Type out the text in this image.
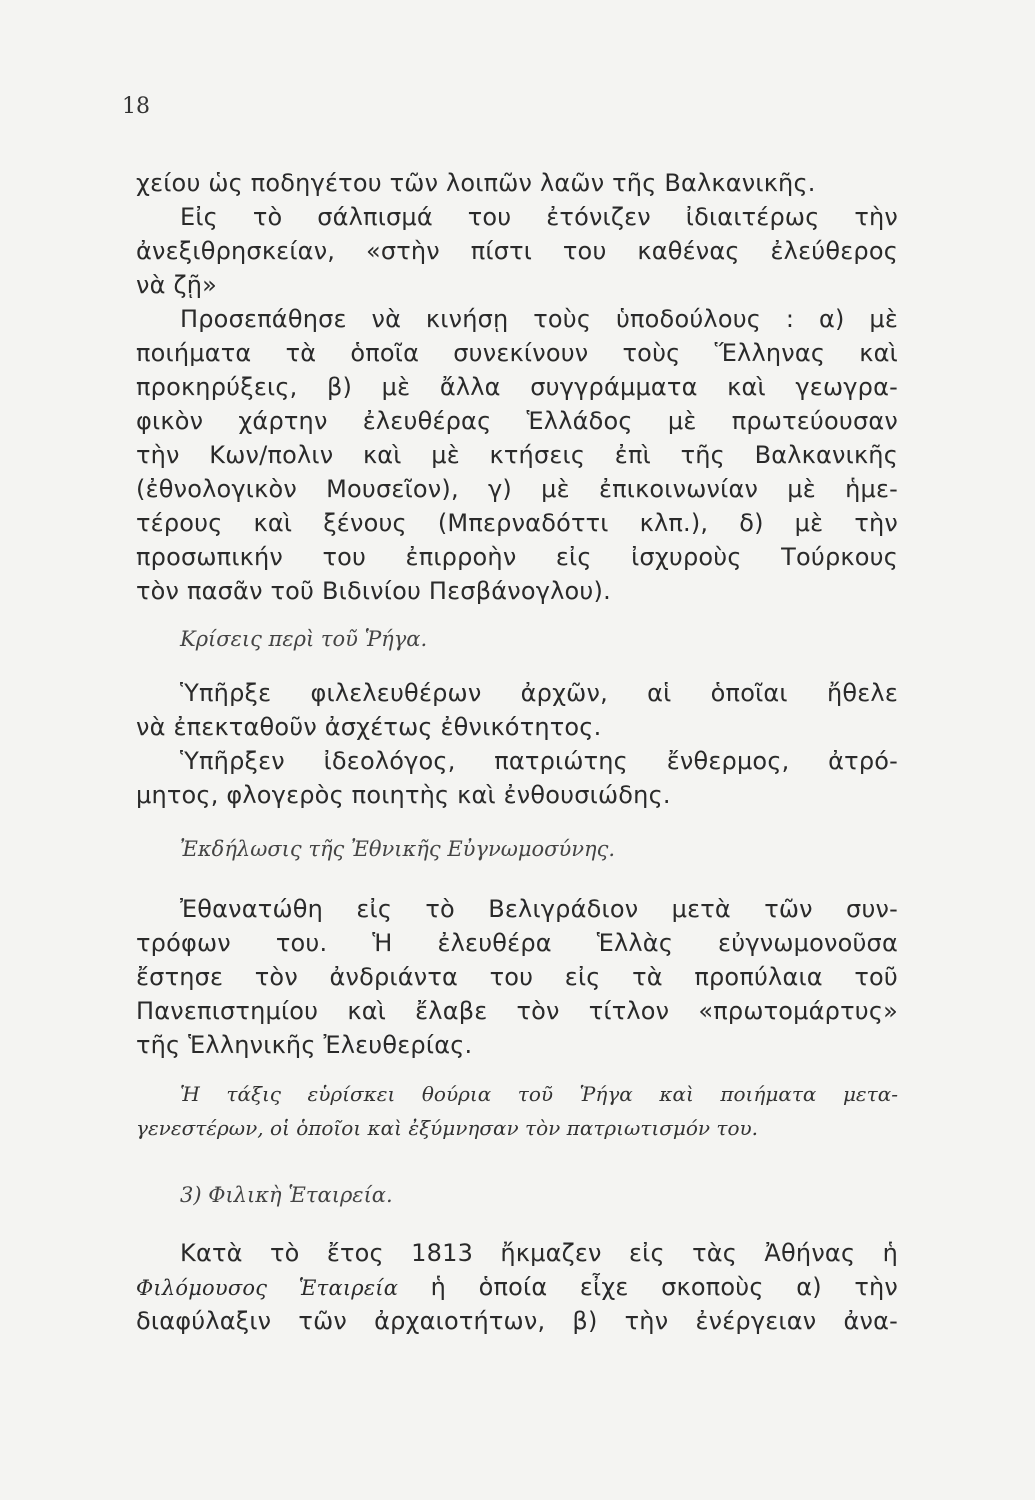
18
χείου ὡς ποδηγέτου τῶν λοιπῶν λαῶν τῆς Βαλκανικῆς.
Εἰς τὸ σάλπισμά του ἐτόνιζεν ἰδιαιτέρως τὴν
ἀνεξιθρησκείαν, «στὴν πίστι του καθένας ἐλεύθερος
νὰ ζῇ»
Προσεπάθησε νὰ κινήσῃ τοὺς ὑποδούλους : α) μὲ
ποιήματα τὰ ὁποῖα συνεκίνουν τοὺς Ἕλληνας καὶ
προκηρύξεις, β) μὲ ἄλλα συγγράμματα καὶ γεωγρα-
φικὸν χάρτην ἐλευθέρας Ἑλλάδος μὲ πρωτεύουσαν
τὴν Κων/πολιν καὶ μὲ κτήσεις ἐπὶ τῆς Βαλκανικῆς
(ἐθνολογικὸν Μουσεῖον), γ) μὲ ἐπικοινωνίαν μὲ ἡμε-
τέρους καὶ ξένους (Μπερναδόττι κλπ.), δ) μὲ τὴν
προσωπικήν του ἐπιρροὴν εἰς ἰσχυροὺς Τούρκους
τὸν πασᾶν τοῦ Βιδινίου Πεσβάνογλου).
Κρίσεις περὶ τοῦ Ῥήγα.
Ὑπῆρξε φιλελευθέρων ἀρχῶν, αἱ ὁποῖαι ἤθελε
νὰ ἐπεκταθοῦν ἀσχέτως ἐθνικότητος.
Ὑπῆρξεν ἰδεολόγος, πατριώτης ἔνθερμος, ἀτρό-
μητος, φλογερὸς ποιητὴς καὶ ἐνθουσιώδης.
Ἐκδήλωσις τῆς Ἐθνικῆς Εὐγνωμοσύνης.
Ἐθανατώθη εἰς τὸ Βελιγράδιον μετὰ τῶν συν-
τρόφων του. Ἡ ἐλευθέρα Ἑλλὰς εὐγνωμονοῦσα
ἔστησε τὸν ἀνδριάντα του εἰς τὰ προπύλαια τοῦ
Πανεπιστημίου καὶ ἔλαβε τὸν τίτλον «πρωτομάρτυς»
τῆς Ἑλληνικῆς Ἐλευθερίας.
Ἡ τάξις εὑρίσκει θούρια τοῦ Ῥήγα καὶ ποιήματα μετα-
γενεστέρων, οἱ ὁποῖοι καὶ ἐξύμνησαν τὸν πατριωτισμόν του.
3) Φιλικὴ Ἑταιρεία.
Κατὰ τὸ ἔτος 1813 ἤκμαζεν εἰς τὰς Ἀθήνας ἡ
Φιλόμουσος Ἑταιρεία ἡ ὁποία εἶχε σκοποὺς α) τὴν
διαφύλαξιν τῶν ἀρχαιοτήτων, β) τὴν ἐνέργειαν ἀνα-
